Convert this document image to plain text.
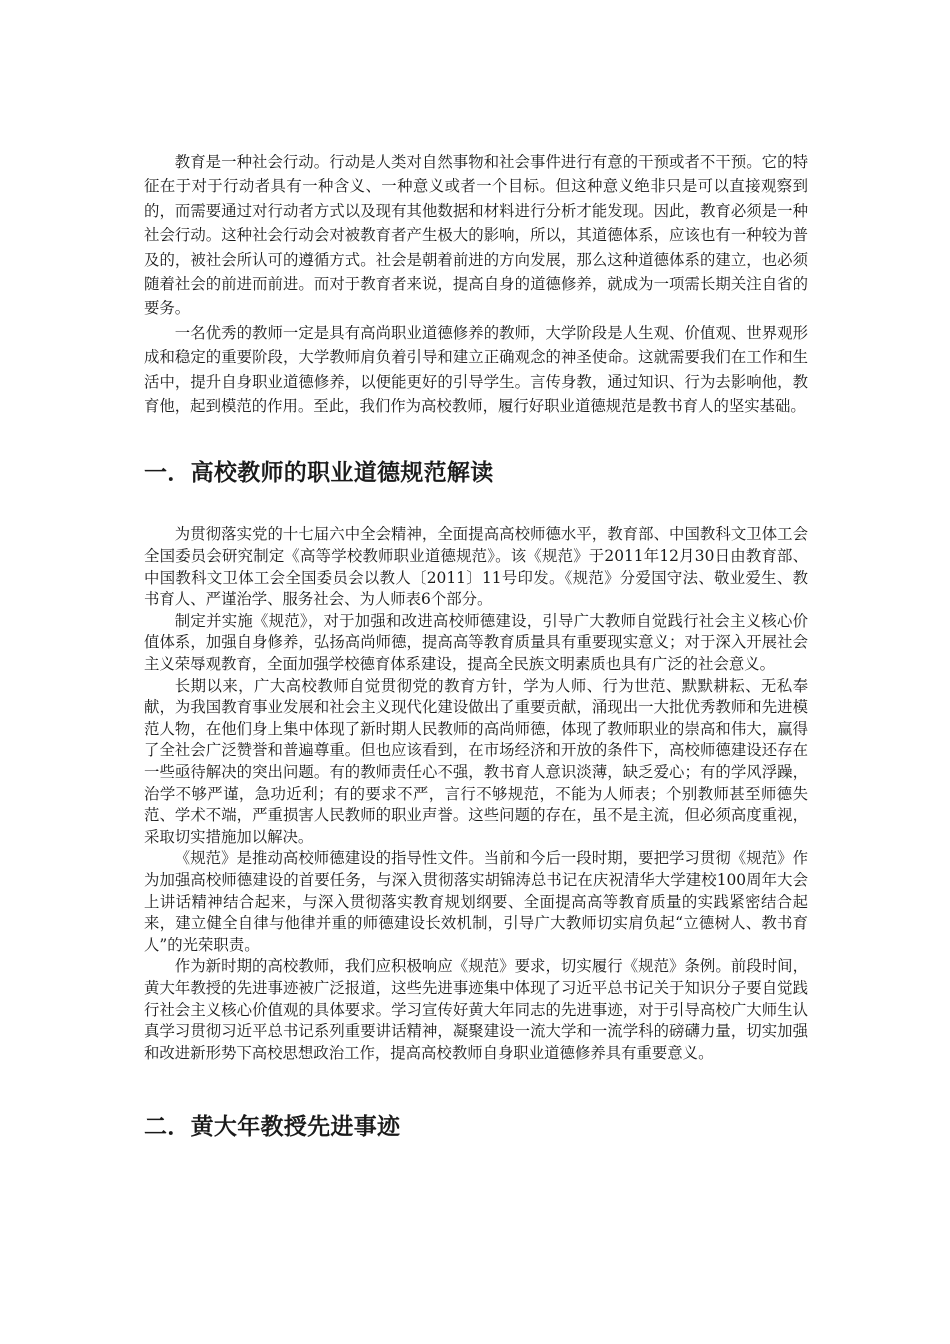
教育是一种社会行动。行动是人类对自然事物和社会事件进行有意的干预或者不干预。它的特征在于对于行动者具有一种含义、一种意义或者一个目标。但这种意义绝非只是可以直接观察到的，而需要通过对行动者方式以及现有其他数据和材料进行分析才能发现。因此，教育必须是一种社会行动。这种社会行动会对被教育者产生极大的影响，所以，其道德体系，应该也有一种较为普及的，被社会所认可的遵循方式。社会是朝着前进的方向发展，那么这种道德体系的建立，也必须随着社会的前进而前进。而对于教育者来说，提高自身的道德修养，就成为一项需长期关注自省的要务。

一名优秀的教师一定是具有高尚职业道德修养的教师，大学阶段是人生观、价值观、世界观形成和稳定的重要阶段，大学教师肩负着引导和建立正确观念的神圣使命。这就需要我们在工作和生活中，提升自身职业道德修养，以便能更好的引导学生。言传身教，通过知识、行为去影响他，教育他，起到模范的作用。至此，我们作为高校教师，履行好职业道德规范是教书育人的坚实基础。

一．高校教师的职业道德规范解读

为贯彻落实党的十七届六中全会精神，全面提高高校师德水平，教育部、中国教科文卫体工会全国委员会研究制定《高等学校教师职业道德规范》。该《规范》于2011年12月30日由教育部、中国教科文卫体工会全国委员会以教人〔2011〕11号印发。《规范》分爱国守法、敬业爱生、教书育人、严谨治学、服务社会、为人师表6个部分。

制定并实施《规范》，对于加强和改进高校师德建设，引导广大教师自觉践行社会主义核心价值体系，加强自身修养，弘扬高尚师德，提高高等教育质量具有重要现实意义；对于深入开展社会主义荣辱观教育，全面加强学校德育体系建设，提高全民族文明素质也具有广泛的社会意义。

长期以来，广大高校教师自觉贯彻党的教育方针，学为人师、行为世范、默默耕耘、无私奉献，为我国教育事业发展和社会主义现代化建设做出了重要贡献，涌现出一大批优秀教师和先进模范人物，在他们身上集中体现了新时期人民教师的高尚师德，体现了教师职业的崇高和伟大，赢得了全社会广泛赞誉和普遍尊重。但也应该看到，在市场经济和开放的条件下，高校师德建设还存在一些亟待解决的突出问题。有的教师责任心不强，教书育人意识淡薄，缺乏爱心；有的学风浮躁，治学不够严谨，急功近利；有的要求不严，言行不够规范，不能为人师表；个别教师甚至师德失范、学术不端，严重损害人民教师的职业声誉。这些问题的存在，虽不是主流，但必须高度重视，采取切实措施加以解决。

《规范》是推动高校师德建设的指导性文件。当前和今后一段时期，要把学习贯彻《规范》作为加强高校师德建设的首要任务，与深入贯彻落实胡锦涛总书记在庆祝清华大学建校100周年大会上讲话精神结合起来，与深入贯彻落实教育规划纲要、全面提高高等教育质量的实践紧密结合起来，建立健全自律与他律并重的师德建设长效机制，引导广大教师切实肩负起“立德树人、教书育人”的光荣职责。

作为新时期的高校教师，我们应积极响应《规范》要求，切实履行《规范》条例。前段时间，黄大年教授的先进事迹被广泛报道，这些先进事迹集中体现了习近平总书记关于知识分子要自觉践行社会主义核心价值观的具体要求。学习宣传好黄大年同志的先进事迹，对于引导高校广大师生认真学习贯彻习近平总书记系列重要讲话精神，凝聚建设一流大学和一流学科的磅礴力量，切实加强和改进新形势下高校思想政治工作，提高高校教师自身职业道德修养具有重要意义。

二．黄大年教授先进事迹
